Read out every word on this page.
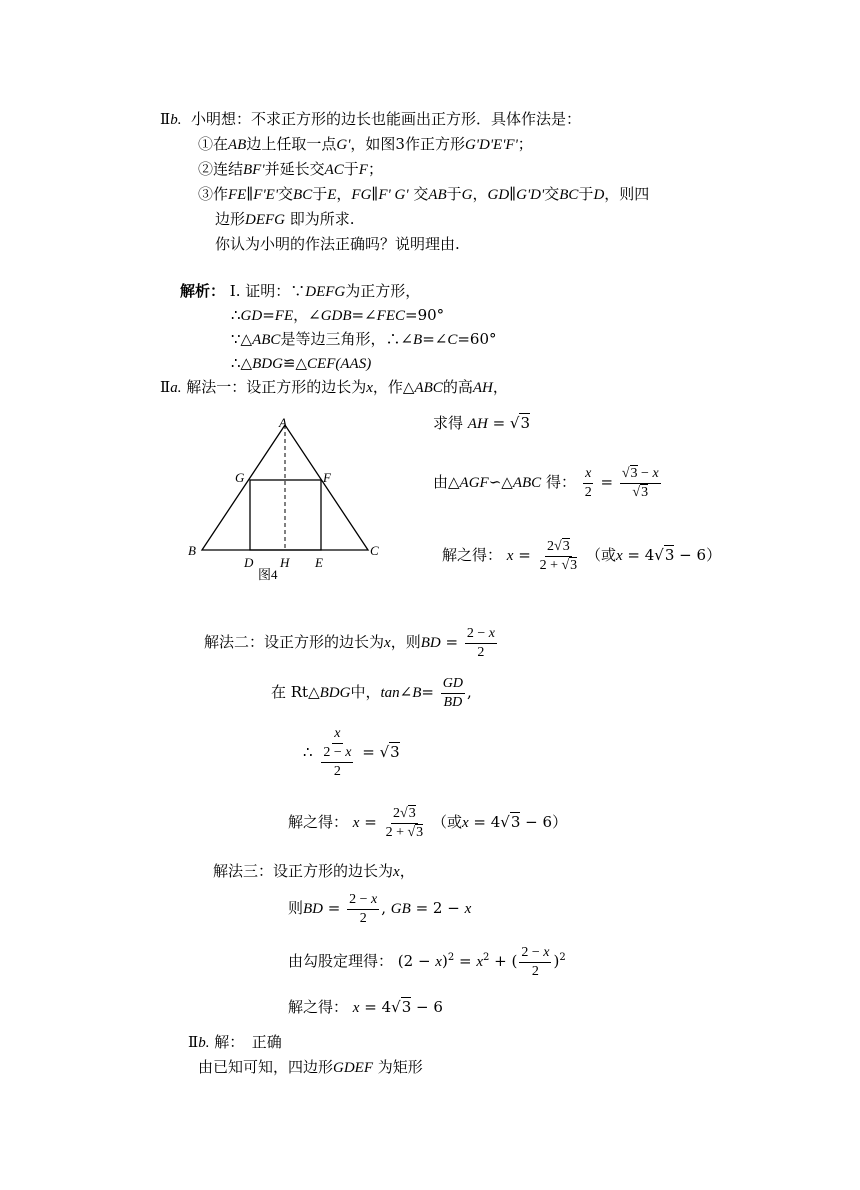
Ⅱb. 小明想：不求正方形的边长也能画出正方形．具体作法是：
①在AB边上任取一点G'，如图3作正方形G'D'E'F'；
②连结BF'并延长交AC于F；
③作FE∥F'E'交BC于E，FG∥F' G' 交AB于G，GD∥G'D'交BC于D，则四
边形DEFG 即为所求.
你认为小明的作法正确吗？说明理由.
解析： Ⅰ. 证明：∵DEFG为正方形，
∴GD=FE，∠GDB=∠FEC=90°
∵△ABC是等边三角形，∴∠B=∠C=60°
∴△BDG≌△CEF(AAS)
Ⅱa. 解法一：设正方形的边长为x，作△ABC的高AH，
A
G	F
B	C
D H E
图4
求得 AH = √3
由△AGF∽△ABC 得： $\frac{x}{2} = \frac{√3 - x}{√3}$
解之得： $x = \frac{2√3}{2 + √3}$ （或x = 4√3 − 6）
解法二：设正方形的边长为x，则BD = $\frac{2 - x}{2}$
在 Rt△BDG中，tan∠B= $\frac{GD}{BD}$ ,
∴ $\frac{x}{\frac{2 - x}{2}} = √3$
解之得： $x = \frac{2√3}{2 + √3}$ （或x = 4√3 − 6）
解法三：设正方形的边长为x，
则BD = $\frac{2 - x}{2}$ , GB = 2 − x
由勾股定理得： $(2 - x)^2 = x^2$ + ( $\frac{2 - x}{2} )^2$
解之得： x = 4√3 − 6
Ⅱb. 解：　正确
由已知可知，四边形GDEF 为矩形
